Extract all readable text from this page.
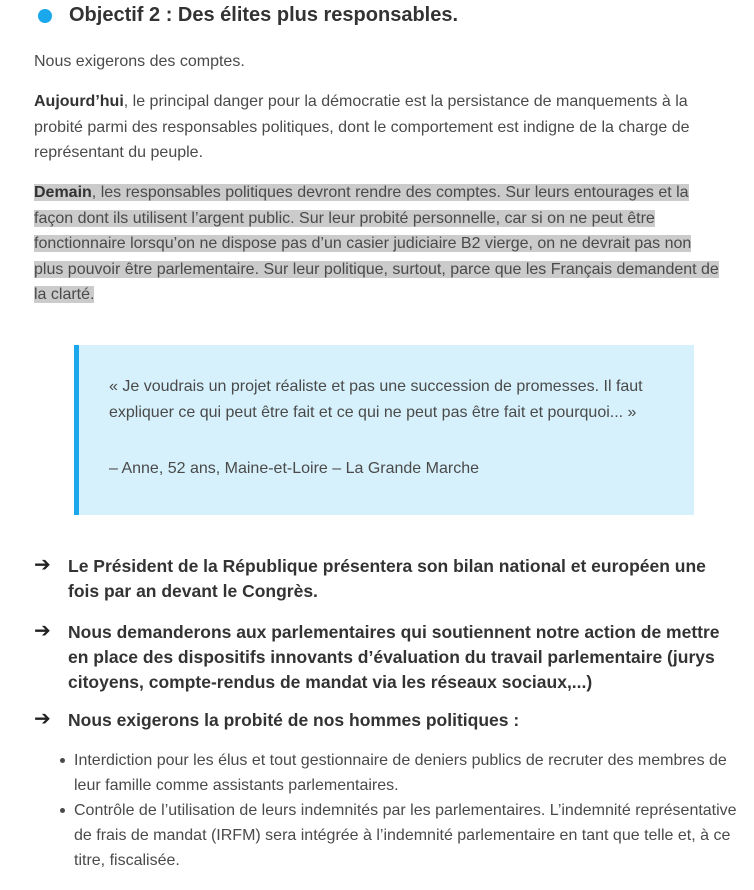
Objectif 2 : Des élites plus responsables.
Nous exigerons des comptes.
Aujourd’hui, le principal danger pour la démocratie est la persistance de manquements à la probité parmi des responsables politiques, dont le comportement est indigne de la charge de représentant du peuple.
Demain, les responsables politiques devront rendre des comptes. Sur leurs entourages et la façon dont ils utilisent l’argent public. Sur leur probité personnelle, car si on ne peut être fonctionnaire lorsqu’on ne dispose pas d’un casier judiciaire B2 vierge, on ne devrait pas non plus pouvoir être parlementaire. Sur leur politique, surtout, parce que les Français demandent de la clarté.
« Je voudrais un projet réaliste et pas une succession de promesses. Il faut expliquer ce qui peut être fait et ce qui ne peut pas être fait et pourquoi... »
– Anne, 52 ans, Maine-et-Loire – La Grande Marche
➔ Le Président de la République présentera son bilan national et européen une fois par an devant le Congrès.
➔ Nous demanderons aux parlementaires qui soutiennent notre action de mettre en place des dispositifs innovants d’évaluation du travail parlementaire (jurys citoyens, compte-rendus de mandat via les réseaux sociaux,...)
➔ Nous exigerons la probité de nos hommes politiques :
Interdiction pour les élus et tout gestionnaire de deniers publics de recruter des membres de leur famille comme assistants parlementaires.
Contrôle de l’utilisation de leurs indemnités par les parlementaires. L’indemnité représentative de frais de mandat (IRFM) sera intégrée à l’indemnité parlementaire en tant que telle et, à ce titre, fiscalisée.
